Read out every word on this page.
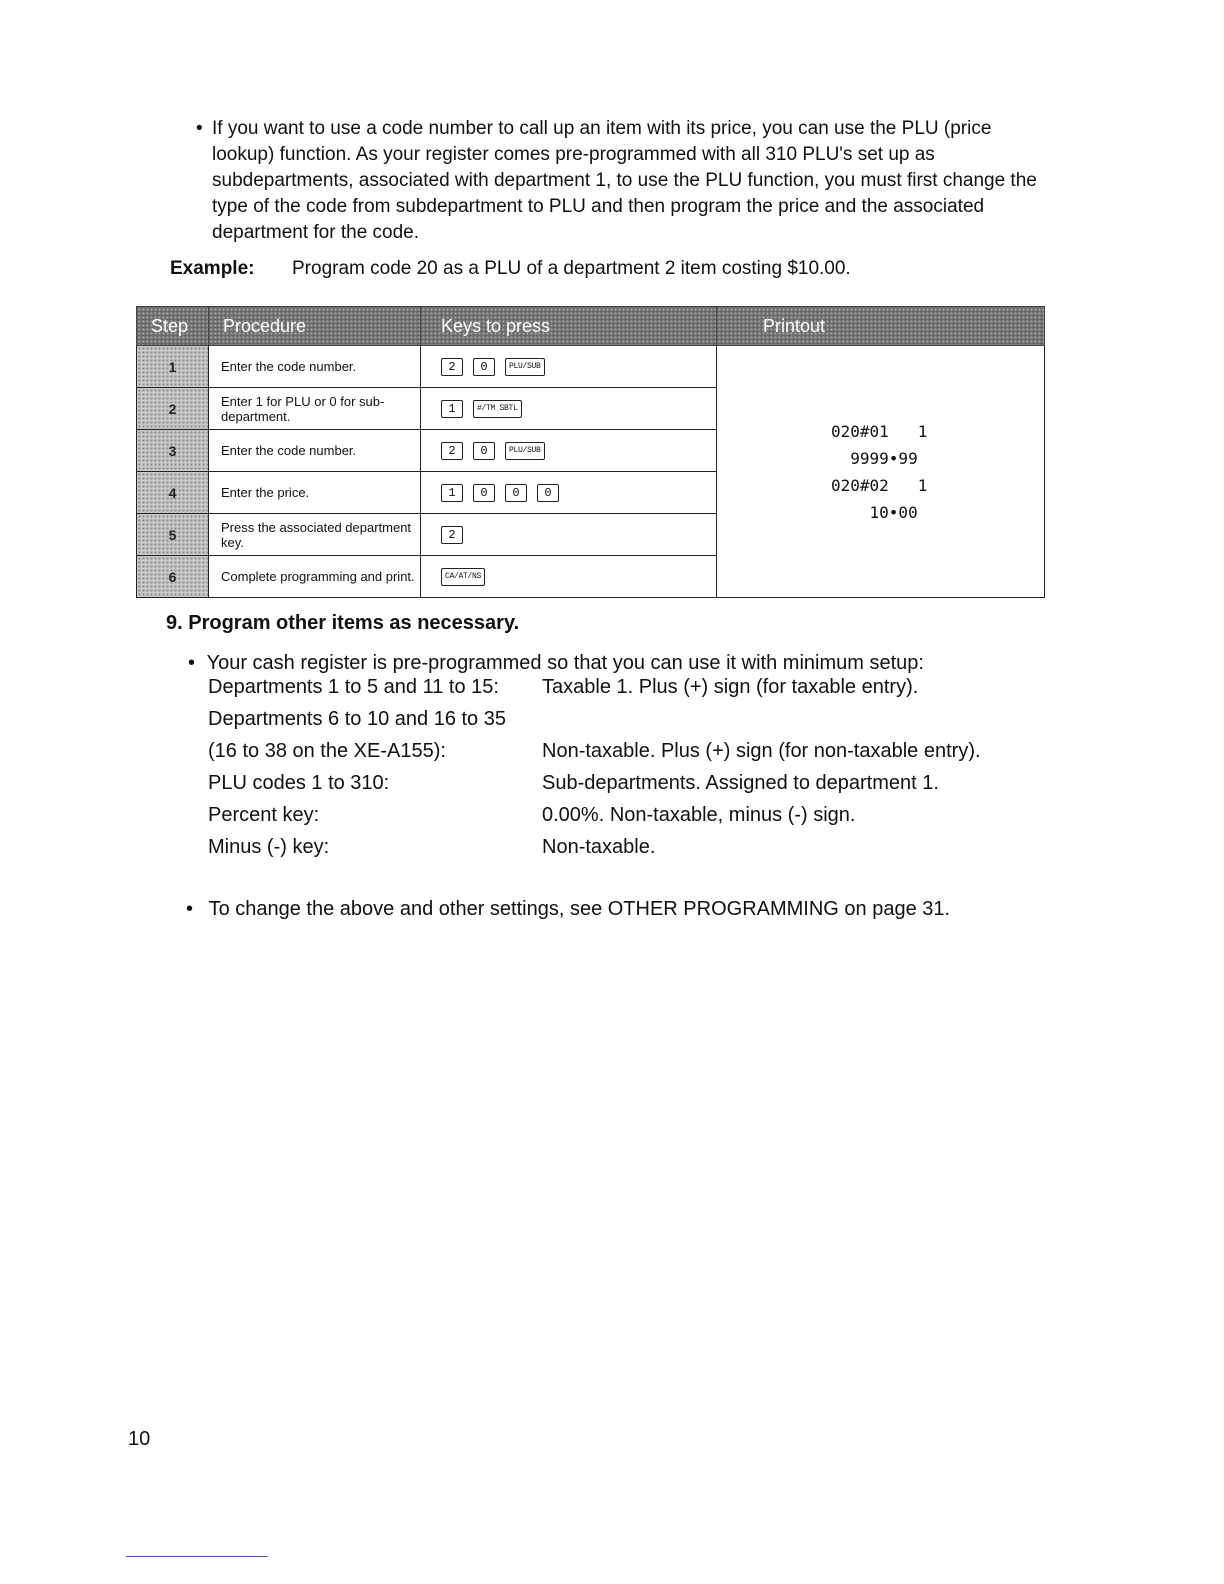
• If you want to use a code number to call up an item with its price, you can use the PLU (price lookup) function. As your register comes pre-programmed with all 310 PLU's set up as subdepartments, associated with department 1, to use the PLU function, you must first change the type of the code from subdepartment to PLU and then program the price and the associated department for the code.
Example: Program code 20 as a PLU of a department 2 item costing $10.00.
Step	Procedure	Keys to press	Printout
1	Enter the code number.	2 0 PLU/SUB	020#01   1
9999•99
020#02   1
10•00

2	Enter 1 for PLU or 0 for sub-department.	1 #/TM SBTL	
3	Enter the code number.	2 0 PLU/SUB	
4	Enter the price.	1 0 0 0	
5	Press the associated department key.	2	
6	Complete programming and print.	CA/AT/NS	
9. Program other items as necessary.
• Your cash register is pre-programmed so that you can use it with minimum setup:
Departments 1 to 5 and 11 to 15: Taxable 1. Plus (+) sign (for taxable entry).
Departments 6 to 10 and 16 to 35
(16 to 38 on the XE-A155):	Non-taxable. Plus (+) sign (for non-taxable entry).
PLU codes 1 to 310:	Sub-departments. Assigned to department 1.
Percent key:	0.00%. Non-taxable, minus (-) sign.
Minus (-) key:	Non-taxable.
• To change the above and other settings, see OTHER PROGRAMMING on page 31.
10
